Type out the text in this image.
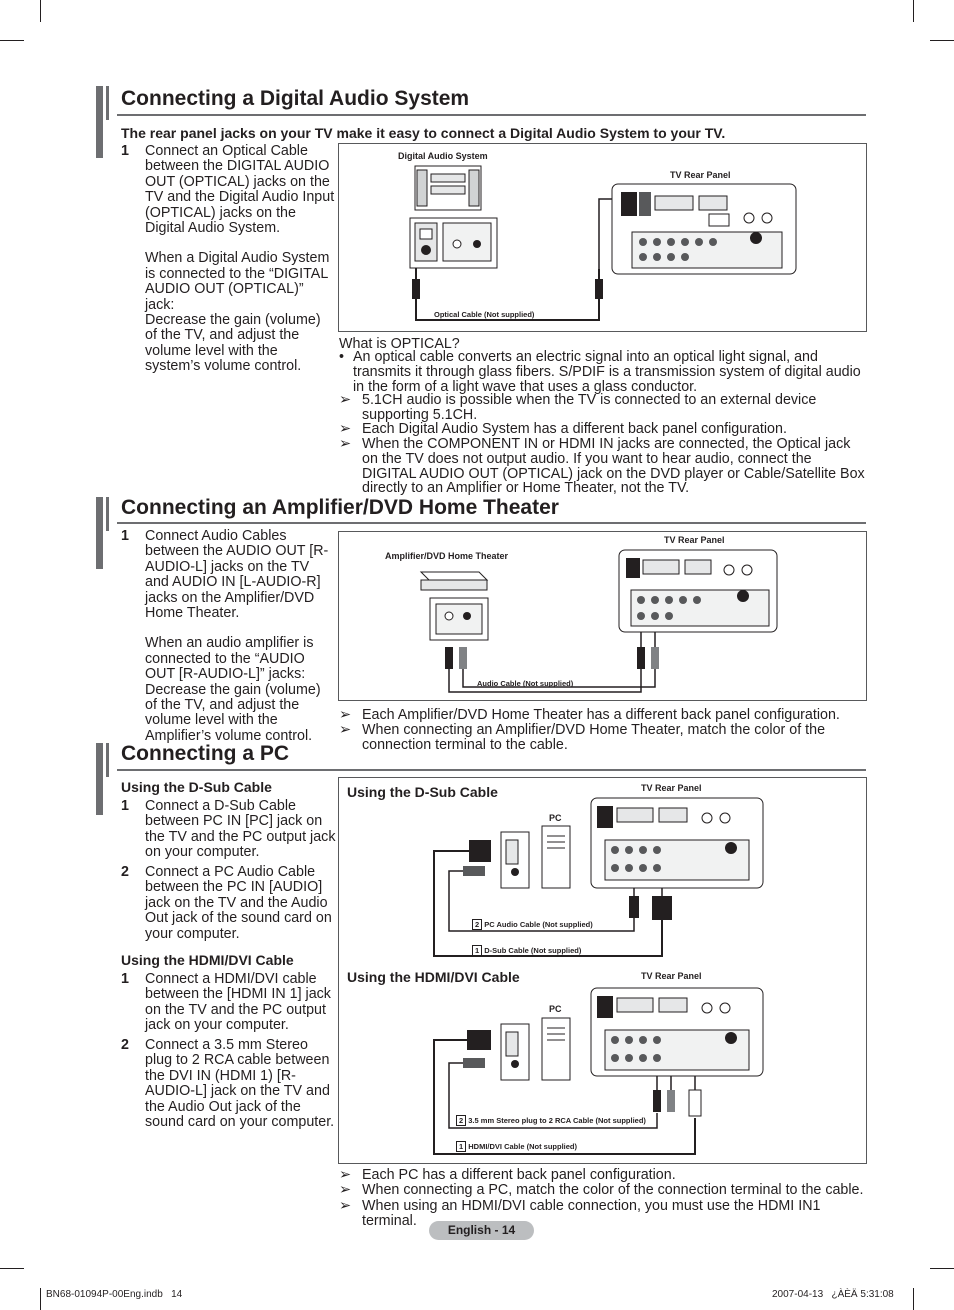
Connecting a Digital Audio System
The rear panel jacks on your TV make it easy to connect a Digital Audio System to your TV.
1 Connect an Optical Cable between the DIGITAL AUDIO OUT (OPTICAL) jacks on the TV and the Digital Audio Input (OPTICAL) jacks on the Digital Audio System.
When a Digital Audio System is connected to the “DIGITAL AUDIO OUT (OPTICAL)” jack:
Decrease the gain (volume) of the TV, and adjust the volume level with the system’s volume control.
Digital Audio System
TV Rear Panel
Optical Cable (Not supplied)
What is OPTICAL?
• An optical cable converts an electric signal into an optical light signal, and transmits it through glass fibers. S/PDIF is a transmission system of digital audio in the form of a light wave that uses a glass conductor.
➢ 5.1CH audio is possible when the TV is connected to an external device supporting 5.1CH.
➢ Each Digital Audio System has a different back panel configuration.
➢ When the COMPONENT IN or HDMI IN jacks are connected, the Optical jack on the TV does not output audio. If you want to hear audio, connect the DIGITAL AUDIO OUT (OPTICAL) jack on the DVD player or Cable/Satellite Box directly to an Amplifier or Home Theater, not the TV.
Connecting an Amplifier/DVD Home Theater
1 Connect Audio Cables between the AUDIO OUT [R-AUDIO-L] jacks on the TV and AUDIO IN [L-AUDIO-R] jacks on the Amplifier/DVD Home Theater.
When an audio amplifier is connected to the “AUDIO OUT [R-AUDIO-L]” jacks:
Decrease the gain (volume) of the TV, and adjust the volume level with the Amplifier’s volume control.
Amplifier/DVD Home Theater
TV Rear Panel
Audio Cable (Not supplied)
➢ Each Amplifier/DVD Home Theater has a different back panel configuration.
➢ When connecting an Amplifier/DVD Home Theater, match the color of the connection terminal to the cable.
Connecting a PC
Using the D-Sub Cable
1 Connect a D-Sub Cable between PC IN [PC] jack on the TV and the PC output jack on your computer.
2 Connect a PC Audio Cable between the PC IN [AUDIO] jack on the TV and the Audio Out jack of the sound card on your computer.
Using the HDMI/DVI Cable
1 Connect a HDMI/DVI cable between the [HDMI IN 1] jack on the TV and the PC output jack on your computer.
2 Connect a 3.5 mm Stereo plug to 2 RCA cable between the DVI IN (HDMI 1) [R-AUDIO-L] jack on the TV and the Audio Out jack of the sound card on your computer.
Using the D-Sub Cable	TV Rear Panel
PC
2 PC Audio Cable (Not supplied)
1 D-Sub Cable (Not supplied)
Using the HDMI/DVI Cable	TV Rear Panel
PC
2 3.5 mm Stereo plug to 2 RCA Cable (Not supplied)
1 HDMI/DVI Cable (Not supplied)
➢ Each PC has a different back panel configuration.
➢ When connecting a PC, match the color of the connection terminal to the cable.
➢ When using an HDMI/DVI cable connection, you must use the HDMI IN1 terminal.
English - 14
BN68-01094P-00Eng.indb   14	2007-04-13   ¿ÀÈÄ 5:31:08
